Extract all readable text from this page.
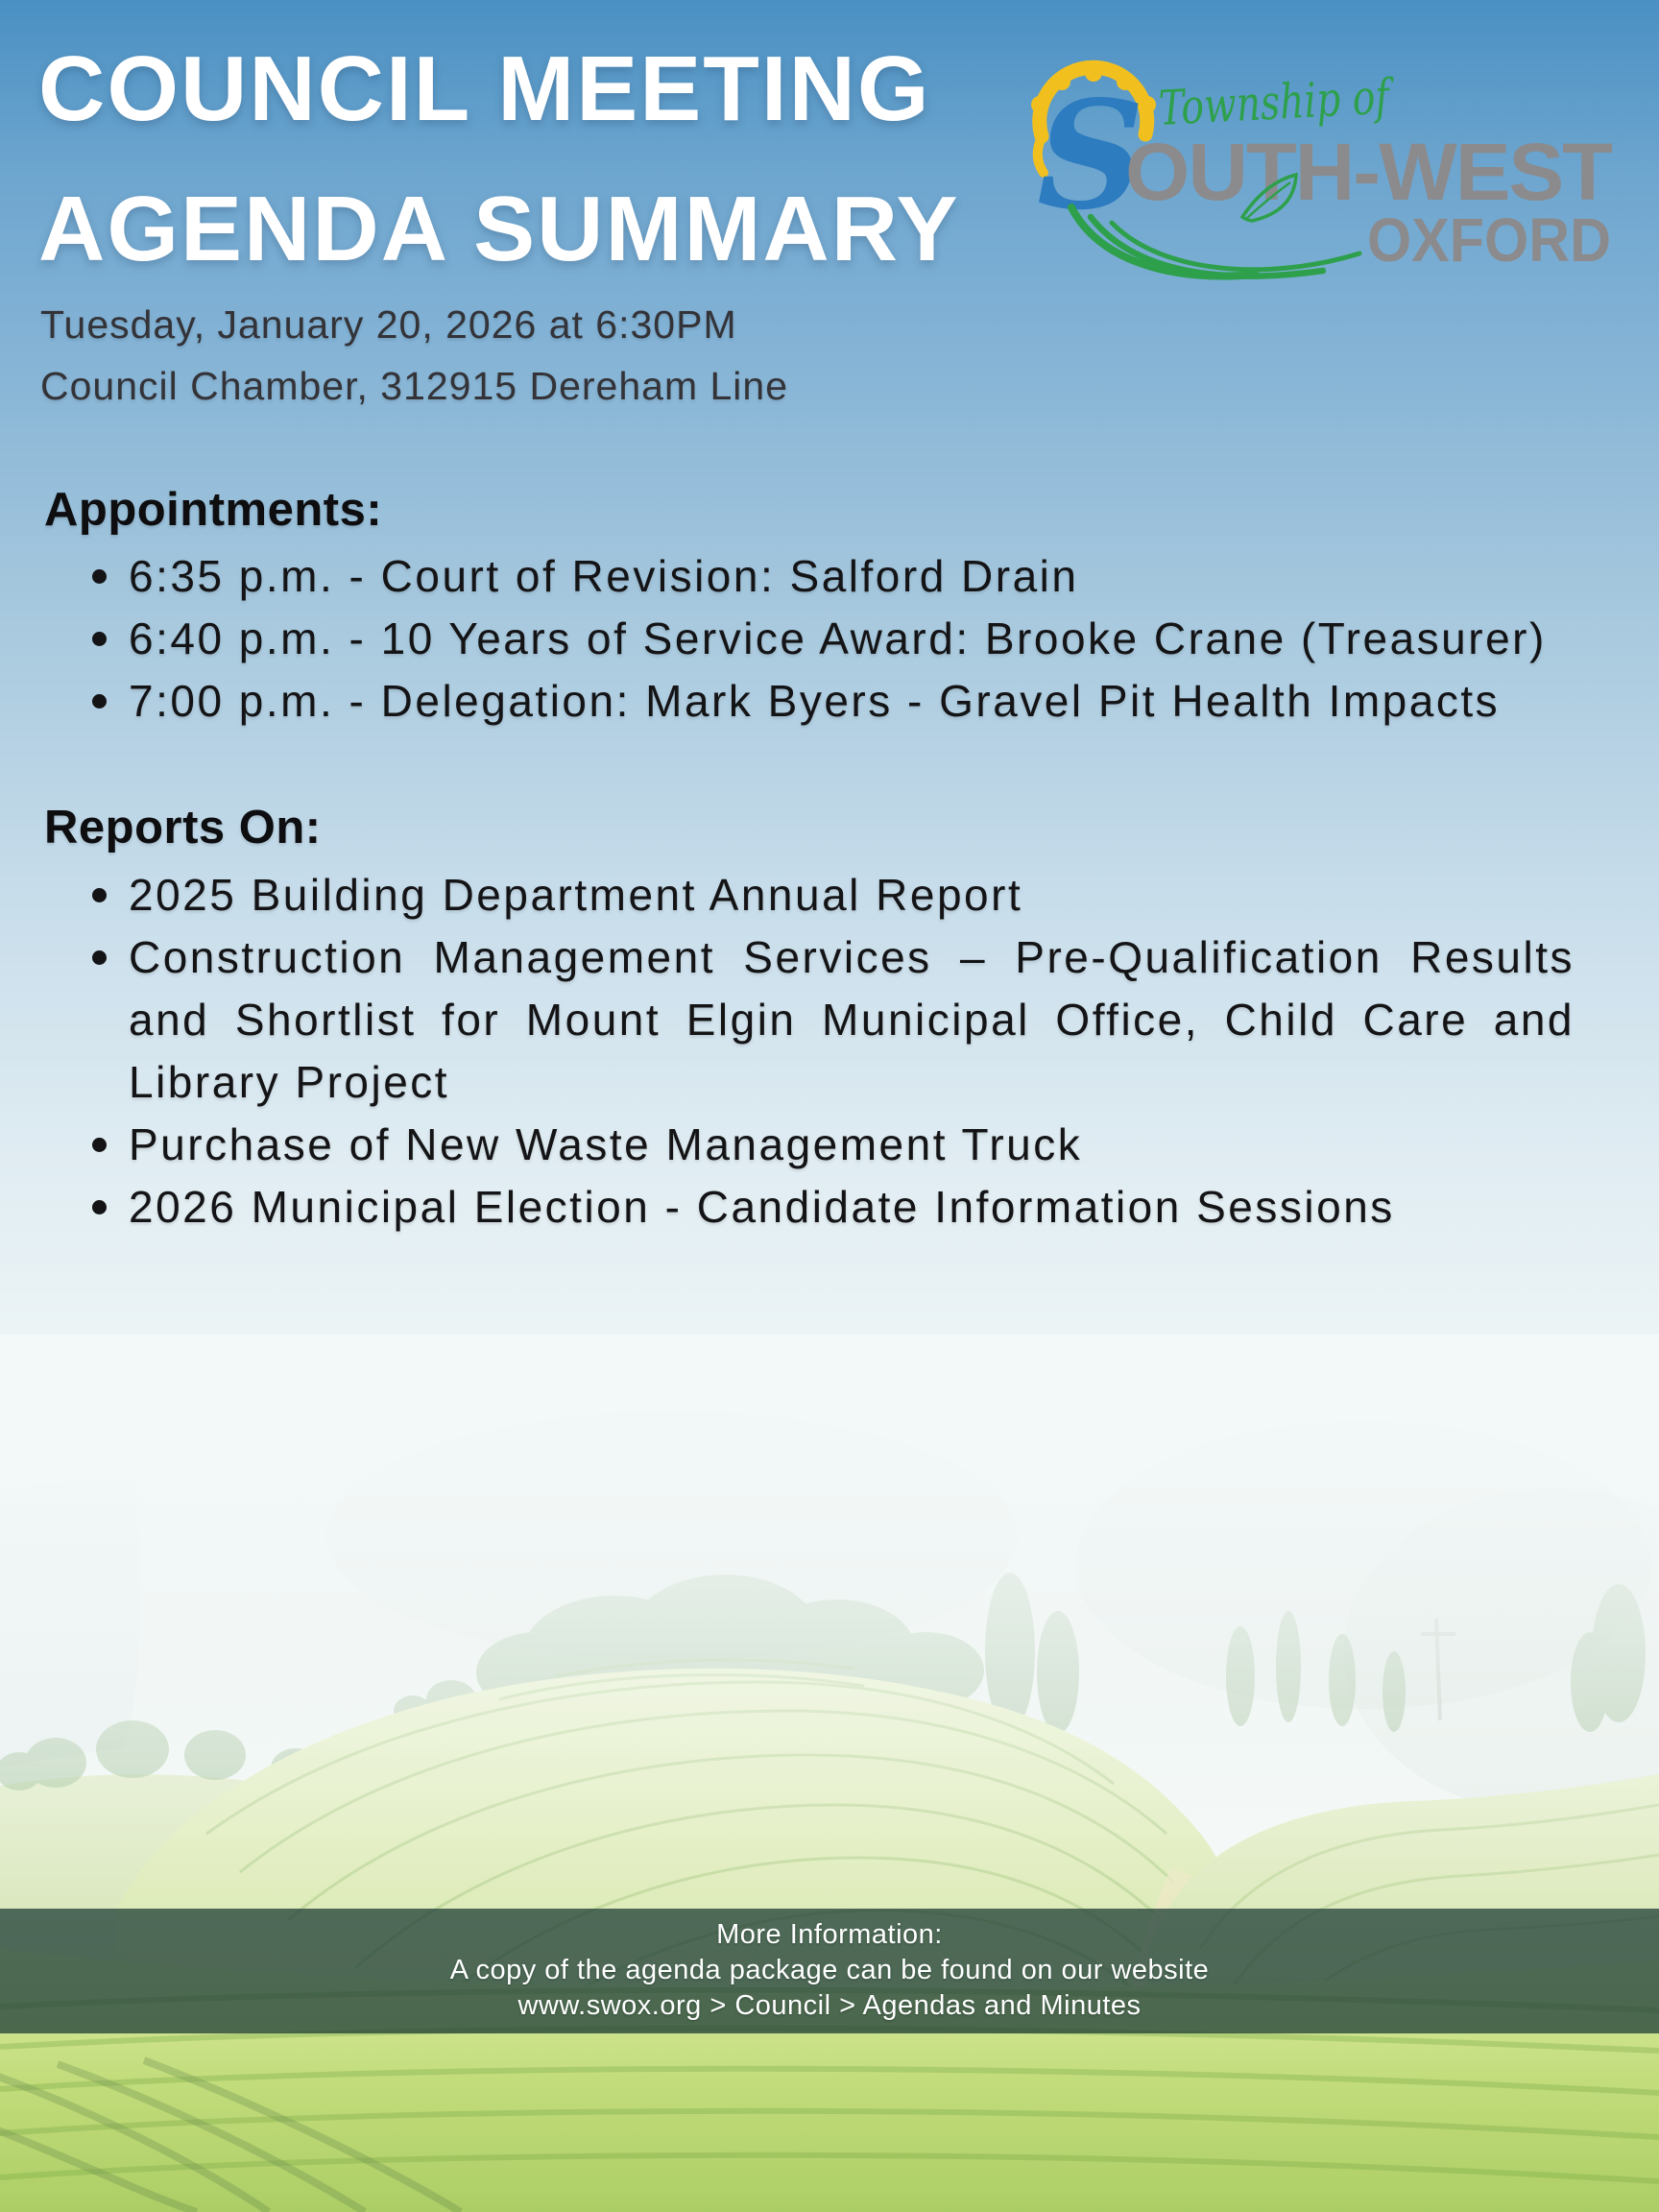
COUNCIL MEETING
AGENDA SUMMARY S Township of
OUTH-WEST
OXFORD
Tuesday, January 20, 2026 at 6:30PM
Council Chamber, 312915 Dereham Line
Appointments:
6:35 p.m. - Court of Revision: Salford Drain
6:40 p.m. - 10 Years of Service Award: Brooke Crane (Treasurer)
7:00 p.m. - Delegation: Mark Byers - Gravel Pit Health Impacts
Reports On:
2025 Building Department Annual Report
Construction Management Services – Pre-Qualification Results and Shortlist for Mount Elgin Municipal Office, Child Care and Library Project
Purchase of New Waste Management Truck
2026 Municipal Election - Candidate Information Sessions
More Information:
A copy of the agenda package can be found on our website
www.swox.org > Council > Agendas and Minutes
